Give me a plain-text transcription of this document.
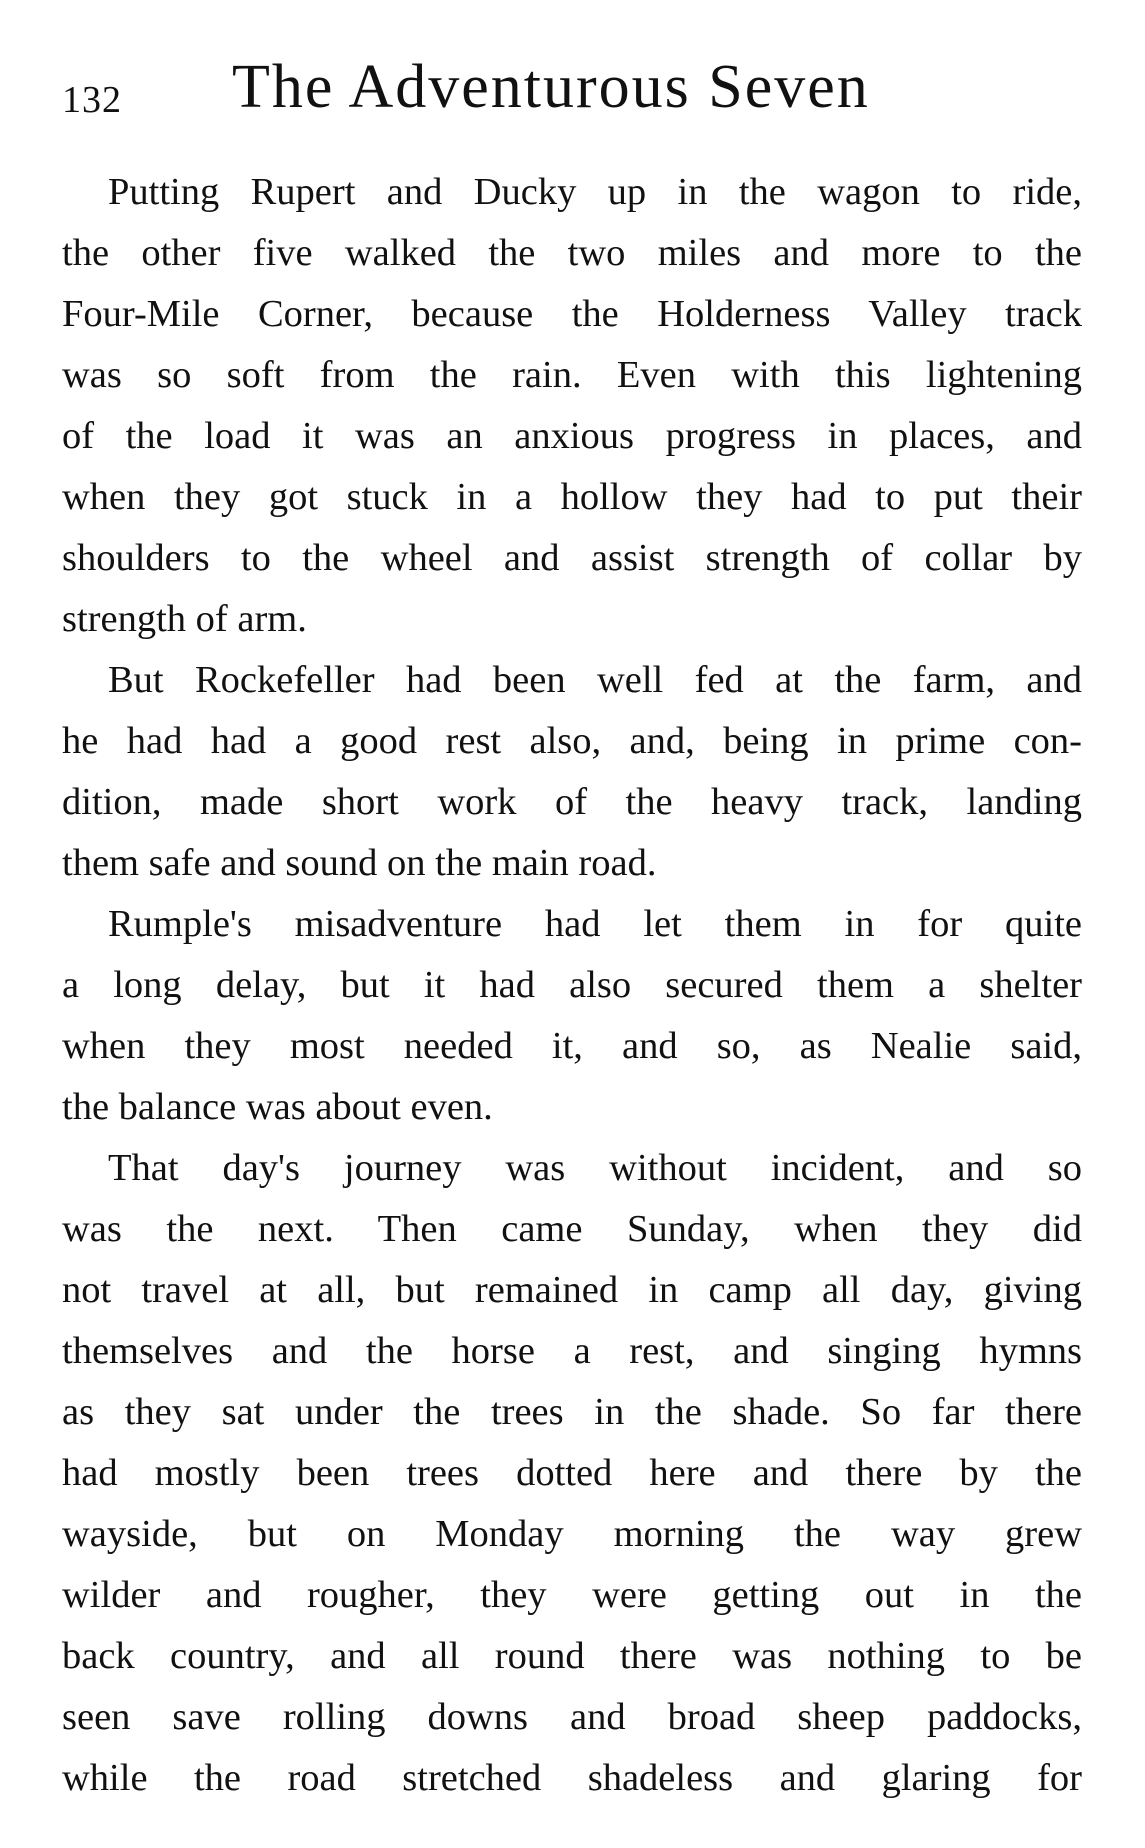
132 The Adventurous Seven
Putting Rupert and Ducky up in the wagon to ride,
the other five walked the two miles and more to the
Four-Mile Corner, because the Holderness Valley track
was so soft from the rain. Even with this lightening
of the load it was an anxious progress in places, and
when they got stuck in a hollow they had to put their
shoulders to the wheel and assist strength of collar by
strength of arm.
But Rockefeller had been well fed at the farm, and
he had had a good rest also, and, being in prime con-
dition, made short work of the heavy track, landing
them safe and sound on the main road.
Rumple's misadventure had let them in for quite
a long delay, but it had also secured them a shelter
when they most needed it, and so, as Nealie said,
the balance was about even.
That day's journey was without incident, and so
was the next. Then came Sunday, when they did
not travel at all, but remained in camp all day, giving
themselves and the horse a rest, and singing hymns
as they sat under the trees in the shade. So far there
had mostly been trees dotted here and there by the
wayside, but on Monday morning the way grew
wilder and rougher, they were getting out in the
back country, and all round there was nothing to be
seen save rolling downs and broad sheep paddocks,
while the road stretched shadeless and glaring for
